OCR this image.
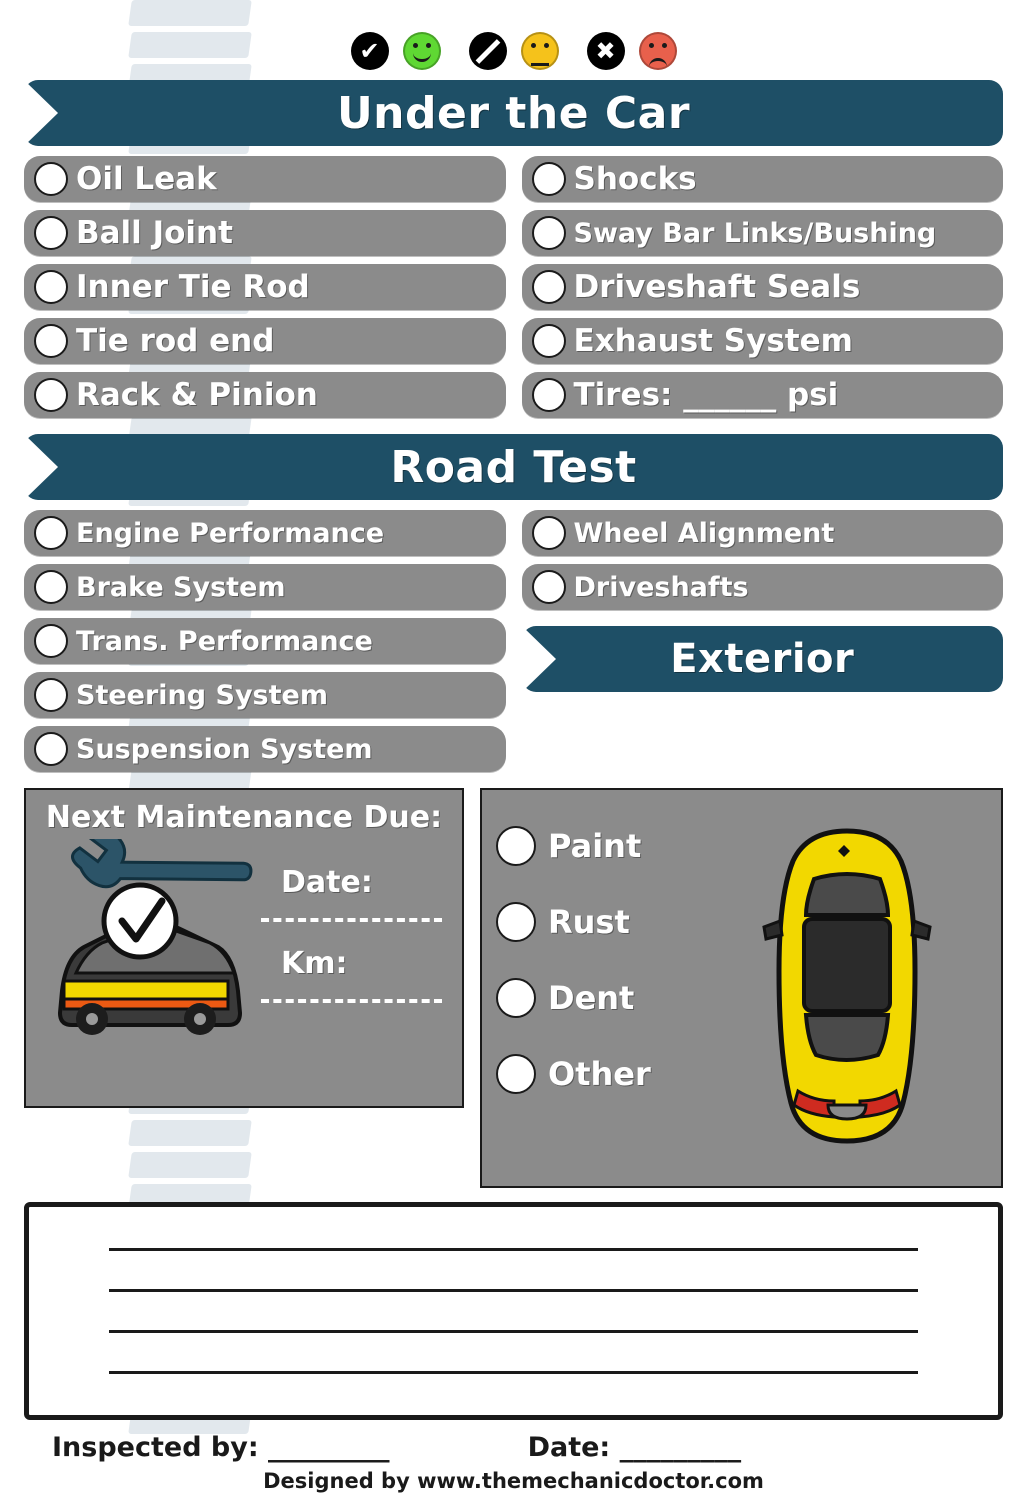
✔	✖
Under the Car
Oil Leak
Ball Joint
Inner Tie Rod
Tie rod end
Rack & Pinion
Shocks
Sway Bar Links/Bushing
Driveshaft Seals
Exhaust System
Tires: ______ psi
Road Test
Engine Performance
Brake System
Trans. Performance
Steering System
Suspension System
Wheel Alignment
Driveshafts
Exterior
Next Maintenance Due:
Date:
Km:
Paint
Rust
Dent
Other
Inspected by: _________	Date: _________
Designed by www.themechanicdoctor.com
